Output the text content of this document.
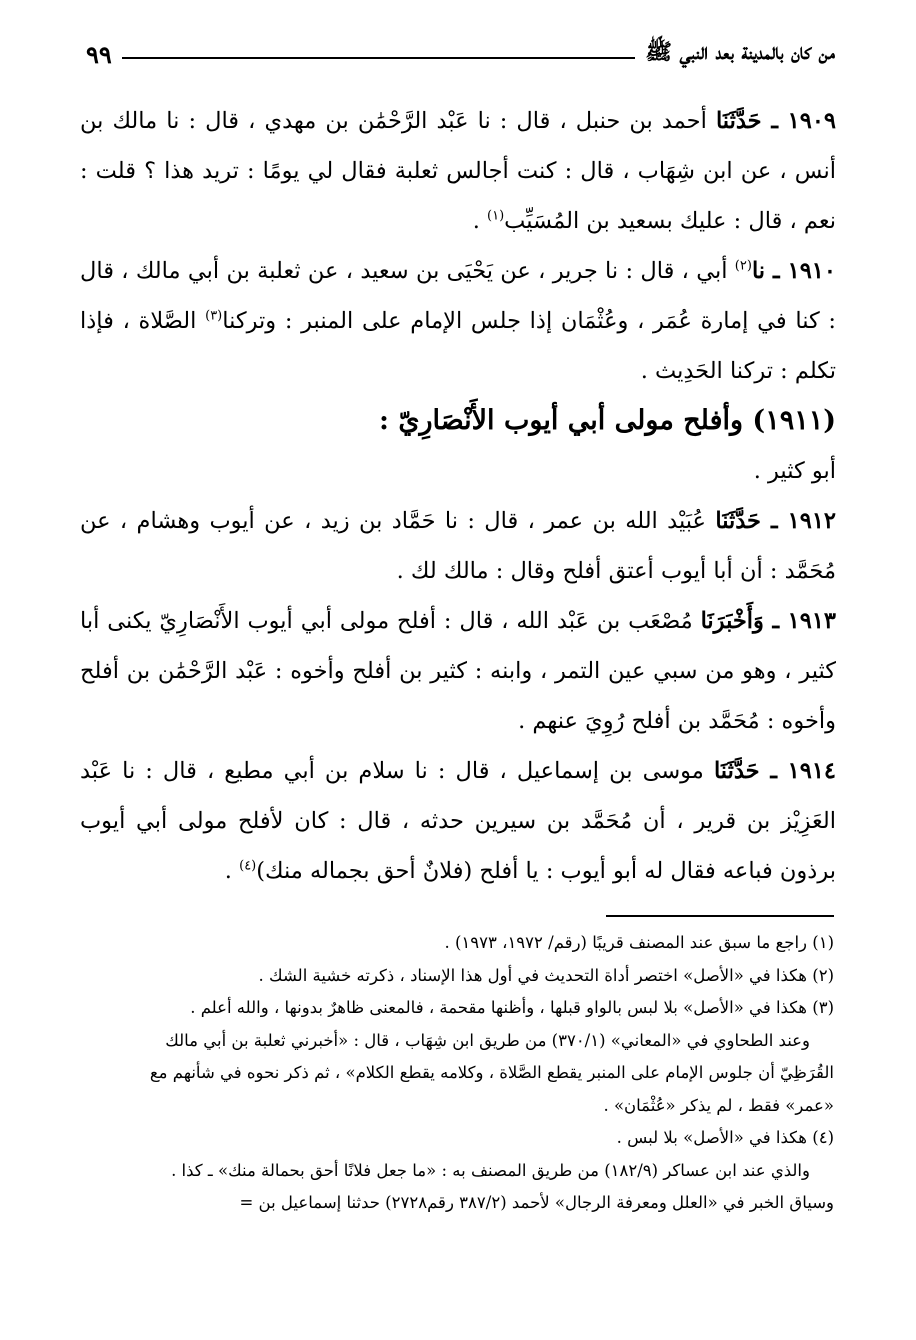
من كان بالمدينة بعد النبي ﷺ
٩٩

١٩٠٩ ـ حَدَّثَنَا أحمد بن حنبل ، قال : نا عَبْد الرَّحْمَٰن بن مهدي ، قال : نا مالك بن أنس ، عن ابن شِهَاب ، قال : كنت أجالس ثعلبة فقال لي يومًا : تريد هذا ؟ قلت : نعم ، قال : عليك بسعيد بن المُسَيِّب$^{(١)}$ .

١٩١٠ ـ نا$^{(٢)}$ أبي ، قال : نا جرير ، عن يَحْيَى بن سعيد ، عن ثعلبة بن أبي مالك ، قال : كنا في إمارة عُمَر ، وعُثْمَان إذا جلس الإمام على المنبر : وتركنا$^{(٣)}$ الصَّلاة ، فإذا تكلم : تركنا الحَدِيث .

(١٩١١) وأفلح مولى أبي أيوب الأَنْصَارِيّ :

أبو كثير .

١٩١٢ ـ حَدَّثَنَا عُبَيْد الله بن عمر ، قال : نا حَمَّاد بن زيد ، عن أيوب وهشام ، عن مُحَمَّد : أن أبا أيوب أعتق أفلح وقال : مالك لك .

١٩١٣ ـ وَأَخْبَرَنَا مُصْعَب بن عَبْد الله ، قال : أفلح مولى أبي أيوب الأَنْصَارِيّ يكنى أبا كثير ، وهو من سبي عين التمر ، وابنه : كثير بن أفلح وأخوه : عَبْد الرَّحْمَٰن بن أفلح وأخوه : مُحَمَّد بن أفلح رُوِيَ عنهم .

١٩١٤ ـ حَدَّثَنَا موسى بن إسماعيل ، قال : نا سلام بن أبي مطيع ، قال : نا عَبْد العَزِيْز بن قرير ، أن مُحَمَّد بن سيرين حدثه ، قال : كان لأفلح مولى أبي أيوب برذون فباعه فقال له أبو أيوب : يا أفلح (فلانٌ أحق بجماله منك)$^{(٤)}$ .

(١) راجع ما سبق عند المصنف قريبًا (رقم/ ١٩٧٢، ١٩٧٣) .

(٢) هكذا في «الأصل» اختصر أداة التحديث في أول هذا الإسناد ، ذكرته خشية الشك .

(٣) هكذا في «الأصل» بلا لبس بالواو قبلها ، وأظنها مقحمة ، فالمعنى ظاهرٌ بدونها ، والله أعلم .

وعند الطحاوي في «المعاني» (٣٧٠/١) من طريق ابن شِهَاب ، قال : «أخبرني ثعلبة بن أبي مالك

القُرَظِيّ أن جلوس الإمام على المنبر يقطع الصَّلاة ، وكلامه يقطع الكلام» ، ثم ذكر نحوه في شأنهم مع

«عمر» فقط ، لم يذكر «عُثْمَان» .

(٤) هكذا في «الأصل» بلا لبس .

والذي عند ابن عساكر (١٨٢/٩) من طريق المصنف به : «ما جعل فلانًا أحق بحمالة منك» ـ كذا .

وسياق الخبر في «العلل ومعرفة الرجال» لأحمد (٣٨٧/٢ رقم٢٧٢٨) حدثنا إسماعيل بن =
